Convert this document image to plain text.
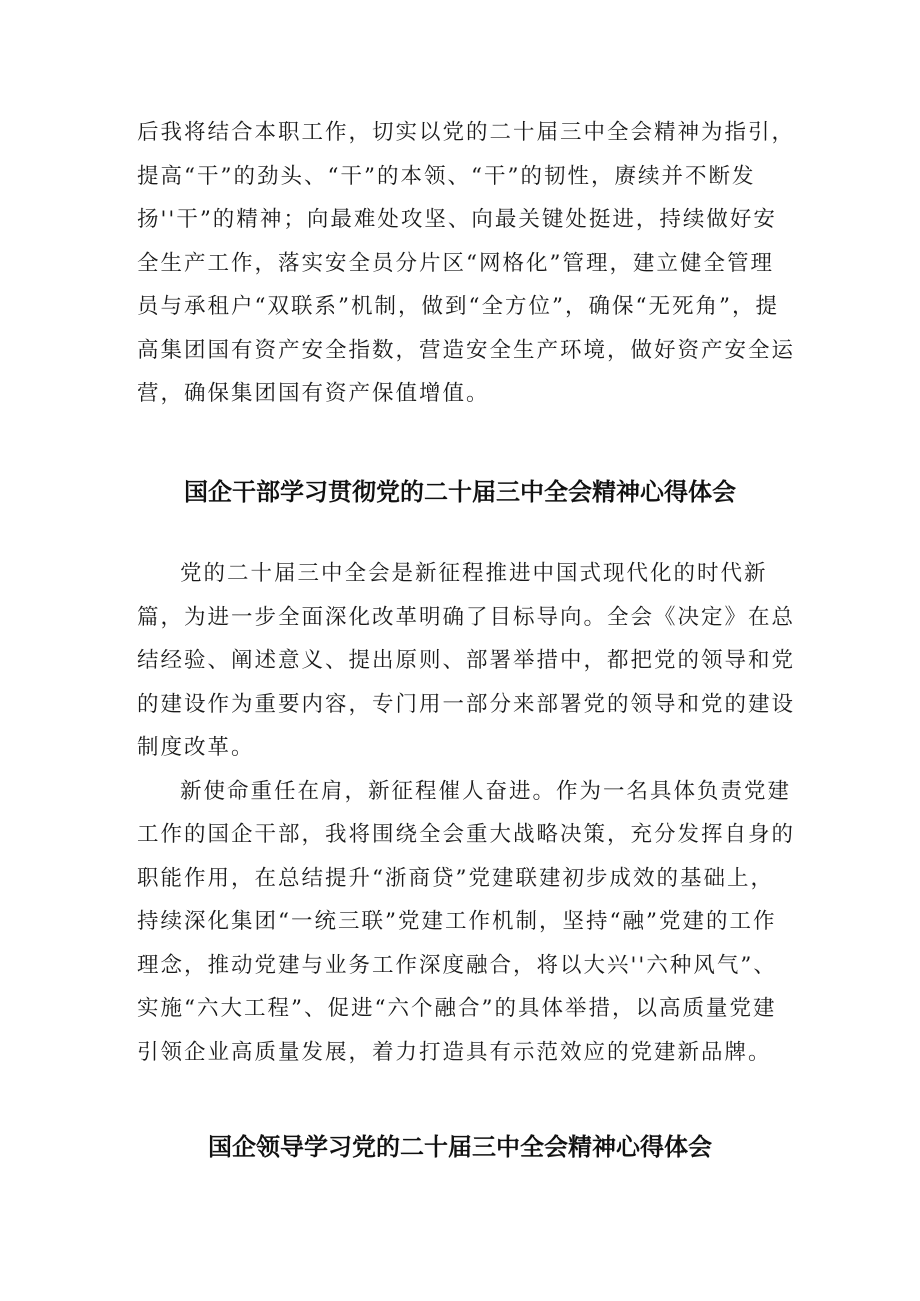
后我将结合本职工作，切实以党的二十届三中全会精神为指引，提高“干”的劲头、“干”的本领、“干”的韧性，赓续并不断发扬''干”的精神；向最难处攻坚、向最关键处挺进，持续做好安全生产工作，落实安全员分片区“网格化”管理，建立健全管理员与承租户“双联系”机制，做到“全方位”，确保“无死角”，提高集团国有资产安全指数，营造安全生产环境，做好资产安全运营，确保集团国有资产保值增值。

国企干部学习贯彻党的二十届三中全会精神心得体会

党的二十届三中全会是新征程推进中国式现代化的时代新篇，为进一步全面深化改革明确了目标导向。全会《决定》在总结经验、阐述意义、提出原则、部署举措中，都把党的领导和党的建设作为重要内容，专门用一部分来部署党的领导和党的建设制度改革。

新使命重任在肩，新征程催人奋进。作为一名具体负责党建工作的国企干部，我将围绕全会重大战略决策，充分发挥自身的职能作用，在总结提升“浙商贷”党建联建初步成效的基础上，持续深化集团“一统三联”党建工作机制，坚持“融”党建的工作理念，推动党建与业务工作深度融合，将以大兴''六种风气”、实施“六大工程”、促进“六个融合”的具体举措，以高质量党建引领企业高质量发展，着力打造具有示范效应的党建新品牌。

国企领导学习党的二十届三中全会精神心得体会
